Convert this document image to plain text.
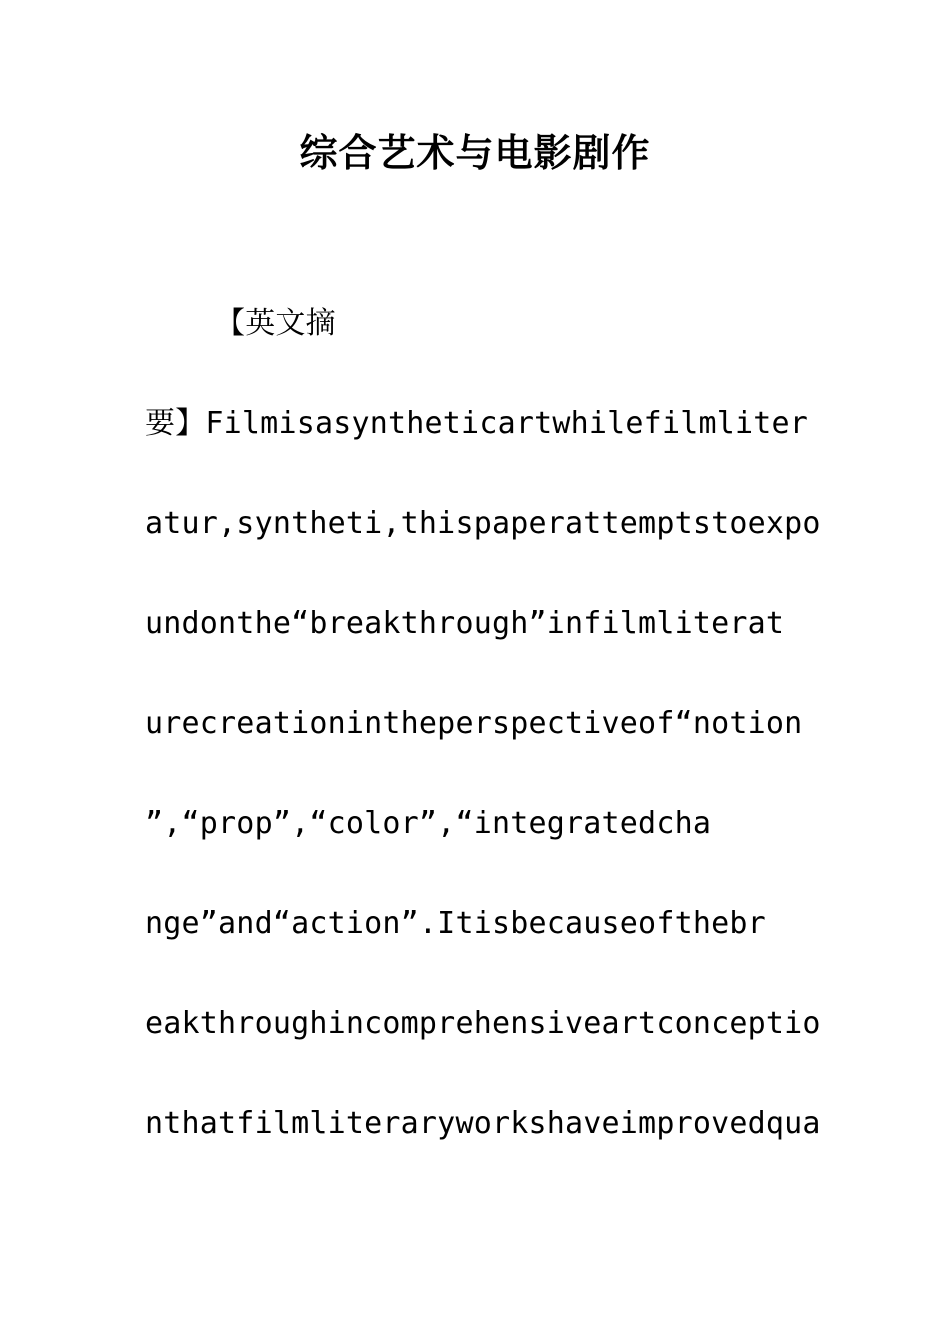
综合艺术与电影剧作
【英文摘
要】Filmisasyntheticartwhilefilmliter
atur,syntheti,thispaperattemptstoexpo
undonthe“breakthrough”infilmliterat
urecreationintheperspectiveof“notion
”,“prop”,“color”,“integratedcha
nge”and“action”.Itisbecauseofthebr
eakthroughincomprehensiveartconceptio
nthatfilmliteraryworkshaveimprovedqua
